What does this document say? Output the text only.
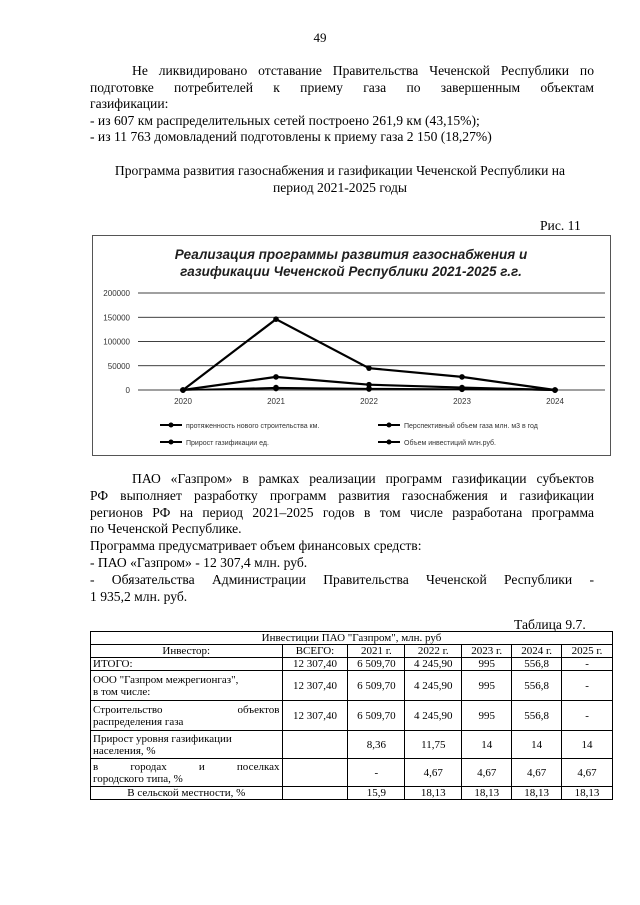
49
Не ликвидировано отставание Правительства Чеченской Республики по
подготовке потребителей к приему газа по завершенным объектам
газификации:
- из 607 км распределительных сетей построено 261,9 км (43,15%);
- из 11 763 домовладений подготовлены к приему газа 2 150 (18,27%)
Программа развития газоснабжения и газификации Чеченской Республики на
период 2021-2025 годы
Рис. 11
Реализация программы развития газоснабжения и
газификации Чеченской Республики 2021-2025 г.г.
200000
150000
100000
50000
0
2020	2021	2022	2023	2024
протяженность нового строительства км.	Перспективный объем газа млн. м3 в год
Прирост газификации ед.	Объем инвестиций млн.руб.
ПАО «Газпром» в рамках реализации программ газификации субъектов
РФ выполняет разработку программ развития газоснабжения и газификации
регионов РФ на период 2021–2025 годов в том числе разработана программа
по Чеченской Республике.
Программа предусматривает объем финансовых средств:
- ПАО «Газпром» - 12 307,4 млн. руб.
- Обязательства Администрации Правительства Чеченской Республики -
1 935,2 млн. руб.
Таблица 9.7.
Инвестиции ПАО "Газпром", млн. руб						
Инвестор:	ВСЕГО:	2021 г.	2022 г.	2023 г.	2024 г.	2025 г.
ИТОГО:	12 307,40	6 509,70	4 245,90	995	556,8	-

ООО "Газпром межрегионгаз",
в том числе:	12 307,40	6 509,70	4 245,90	995	556,8	-

Строительство объектов
распределения газа	12 307,40	6 509,70	4 245,90	995	556,8	-

Прирост уровня газификации
населения, %		8,36	11,75	14	14	14

в городах и поселках
городского типа, %		-	4,67	4,67	4,67	4,67
В сельской местности, %		15,9	18,13	18,13	18,13	18,13
